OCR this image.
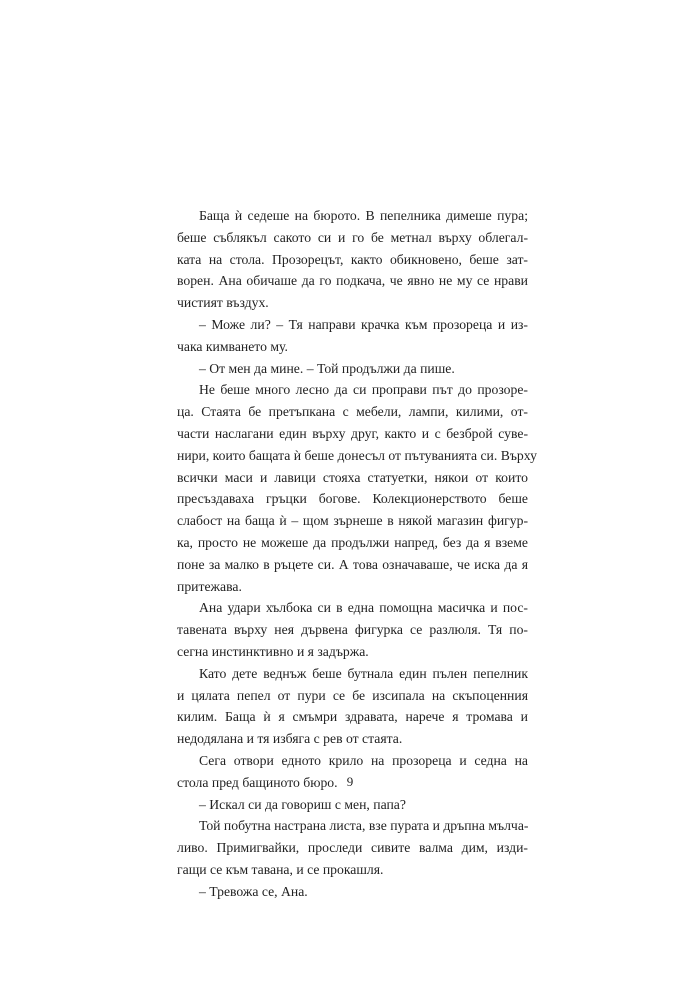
Баща ѝ седеше на бюрото. В пепелника димеше пура;
беше съблякъл сакото си и го бе метнал върху облегал-
ката на стола. Прозорецът, както обикновено, беше зат-
ворен. Ана обичаше да го подкача, че явно не му се нрави
чистият въздух.
– Може ли? – Тя направи крачка към прозореца и из-
чака кимването му.
– От мен да мине. – Той продължи да пише.
Не беше много лесно да си проправи път до прозоре-
ца. Стаята бе претъпкана с мебели, лампи, килими, от-
части наслагани един върху друг, както и с безброй суве-
нири, които бащата ѝ беше донесъл от пътуванията си. Върху
всички маси и лавици стояха статуетки, някои от които
пресъздаваха гръцки богове. Колекционерството беше
слабост на баща ѝ – щом зърнеше в някой магазин фигур-
ка, просто не можеше да продължи напред, без да я вземе
поне за малко в ръцете си. А това означаваше, че иска да я
притежава.
Ана удари хълбока си в една помощна масичка и пос-
тавената върху нея дървена фигурка се разлюля. Тя по-
сегна инстинктивно и я задържа.
Като дете веднъж беше бутнала един пълен пепелник
и цялата пепел от пури се бе изсипала на скъпоценния
килим. Баща ѝ я смъмри здравата, нарече я тромава и
недодялана и тя избяга с рев от стаята.
Сега отвори едното крило на прозореца и седна на
стола пред бащиното бюро.
– Искал си да говориш с мен, папа?
Той побутна настрана листа, взе пурата и дръпна мълча-
ливо. Примигвайки, проследи сивите валма дим, изди-
гащи се към тавана, и се прокашля.
– Тревожа се, Ана.
9
